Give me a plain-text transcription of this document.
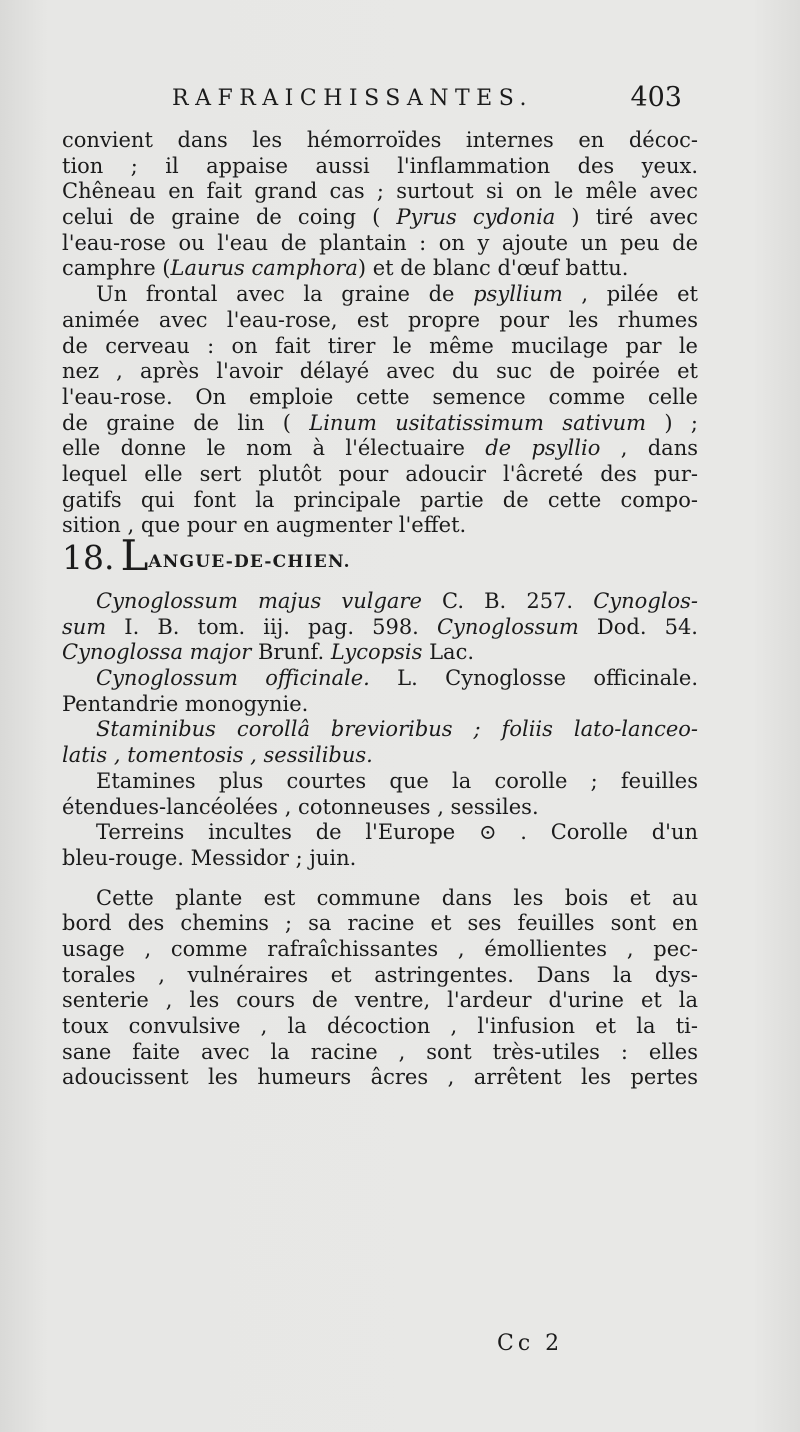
RAFRAICHISSANTES.	403
convient dans les hémorroïdes internes en décoc-
tion ; il appaise aussi l'inflammation des yeux.
Chêneau en fait grand cas ; surtout si on le mêle avec
celui de graine de coing ( Pyrus cydonia ) tiré avec
l'eau-rose ou l'eau de plantain : on y ajoute un peu de
camphre (Laurus camphora) et de blanc d'œuf battu.
Un frontal avec la graine de psyllium , pilée et
animée avec l'eau-rose, est propre pour les rhumes
de cerveau : on fait tirer le même mucilage par le
nez , après l'avoir délayé avec du suc de poirée et
l'eau-rose. On emploie cette semence comme celle
de graine de lin ( Linum usitatissimum sativum ) ;
elle donne le nom à l'électuaire de psyllio , dans
lequel elle sert plutôt pour adoucir l'âcreté des pur-
gatifs qui font la principale partie de cette compo-
sition , que pour en augmenter l'effet.
18. LANGUE-DE-CHIEN.
Cynoglossum majus vulgare C. B. 257. Cynoglos-
sum I. B. tom. iij. pag. 598. Cynoglossum Dod. 54.
Cynoglossa major Brunf. Lycopsis Lac.
Cynoglossum officinale. L. Cynoglosse officinale.
Pentandrie monogynie.
Staminibus corollâ brevioribus ; foliis lato-lanceo-
latis , tomentosis , sessilibus.
Etamines plus courtes que la corolle ; feuilles
étendues-lancéolées , cotonneuses , sessiles.
Terreins incultes de l'Europe ⊙ . Corolle d'un
bleu-rouge. Messidor ; juin.
Cette plante est commune dans les bois et au
bord des chemins ; sa racine et ses feuilles sont en
usage , comme rafraîchissantes , émollientes , pec-
torales , vulnéraires et astringentes. Dans la dys-
senterie , les cours de ventre, l'ardeur d'urine et la
toux convulsive , la décoction , l'infusion et la ti-
sane faite avec la racine , sont très-utiles : elles
adoucissent les humeurs âcres , arrêtent les pertes
Cc 2
